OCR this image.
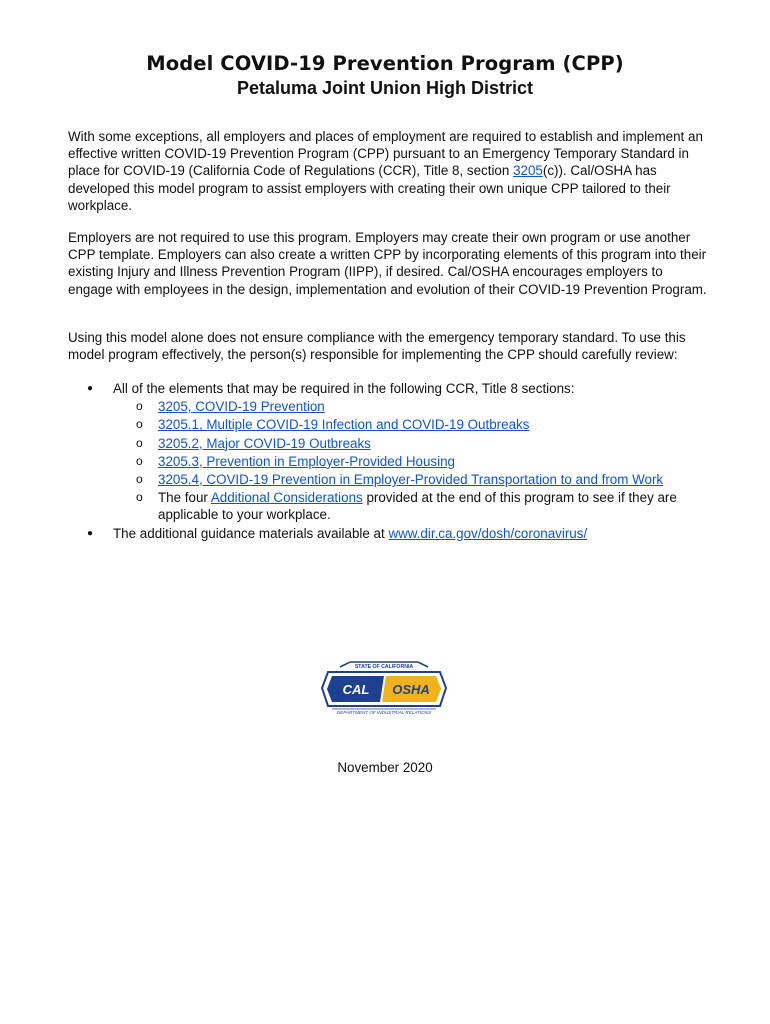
Model COVID-19 Prevention Program (CPP)
Petaluma Joint Union High District

With some exceptions, all employers and places of employment are required to establish and implement an effective written COVID-19 Prevention Program (CPP) pursuant to an Emergency Temporary Standard in place for COVID-19 (California Code of Regulations (CCR), Title 8, section 3205(c)). Cal/OSHA has developed this model program to assist employers with creating their own unique CPP tailored to their workplace.

Employers are not required to use this program. Employers may create their own program or use another CPP template. Employers can also create a written CPP by incorporating elements of this program into their existing Injury and Illness Prevention Program (IIPP), if desired. Cal/OSHA encourages employers to engage with employees in the design, implementation and evolution of their COVID-19 Prevention Program.

Using this model alone does not ensure compliance with the emergency temporary standard. To use this model program effectively, the person(s) responsible for implementing the CPP should carefully review:

● All of the elements that may be required in the following CCR, Title 8 sections:
o 3205, COVID-19 Prevention
o 3205.1, Multiple COVID-19 Infection and COVID-19 Outbreaks
o 3205.2, Major COVID-19 Outbreaks
o 3205.3, Prevention in Employer-Provided Housing
o 3205.4, COVID-19 Prevention in Employer-Provided Transportation to and from Work
o The four Additional Considerations provided at the end of this program to see if they are applicable to your workplace.
● The additional guidance materials available at www.dir.ca.gov/dosh/coronavirus/
STATE OF CALIFORNIA
CAL OSHA
DEPARTMENT OF INDUSTRIAL RELATIONS
November 2020
